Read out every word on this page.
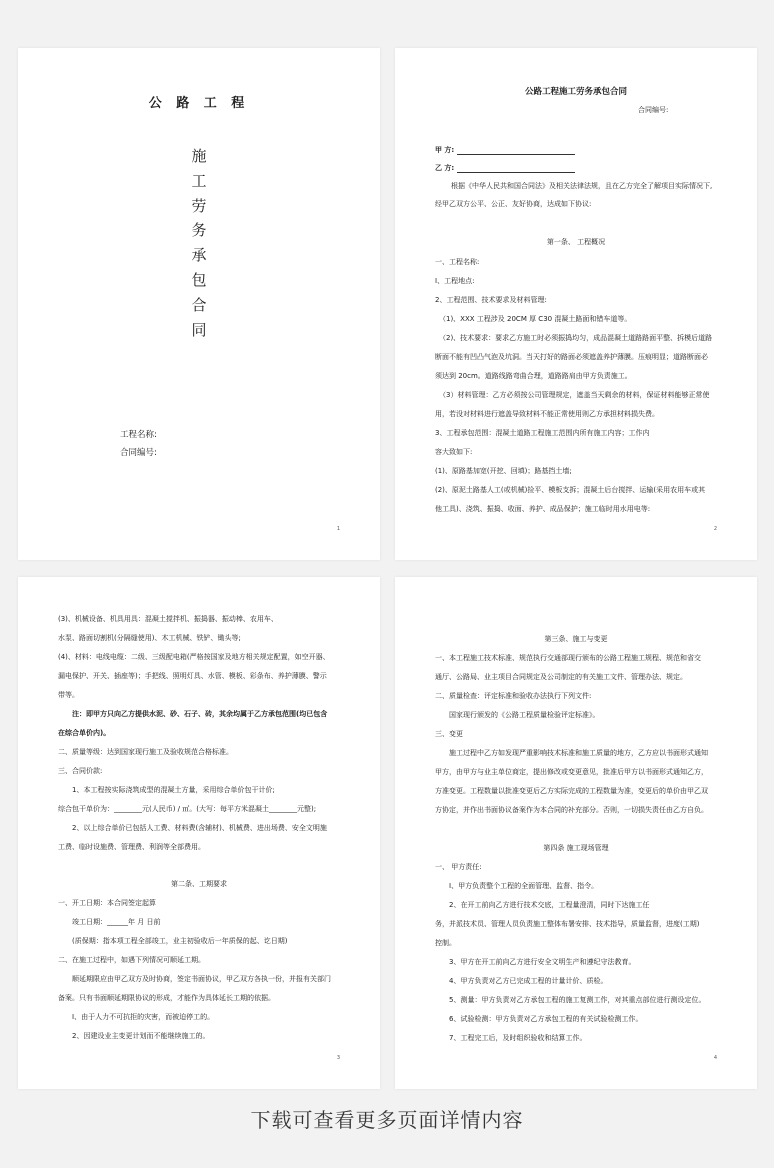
公 路 工 程
施
工
劳
务
承
包
合
同
工程名称:
合同编号:
1
公路工程施工劳务承包合同
合同编号:
甲 方:
乙 方:
根据《中华人民共和国合同法》及相关法律法规，且在乙方完全了解项目实际情况下,
经甲乙双方公平、公正、友好协商，达成如下协议:
第一条、 工程概况
一、工程名称:
I、工程地点:
2、工程范围、技术要求及材料管理:
（1)、XXX 工程涉及 20CM 厚 C30 混凝土路面和错车道等。
（2)、技术要求：要求乙方施工时必须振捣均匀，成品混凝土道路路面平整、拆模后道路
断面不能有凹凸气泡及坑洞。当天打好的路面必须遮盖养护薄膜。压痕明显；道路断面必
须达到 20cm。道路线路弯曲合理，道路路肩由甲方负责施工。
（3）材料管理：乙方必须按公司管理规定，遮盖当天剩余的材料，保证材料能够正常使
用，若没对材料进行遮盖导致材料不能正常使用则乙方承担材料损失费。
3、工程承包范围：混凝土道路工程施工范围内所有施工内容；工作内
容大致如下:
(1)、原路基加宽(开挖、回填)；路基挡土墙;
(2)、原泥土路基人工(或机械)捡平、模板支拆；混凝土后台搅拌、运输(采用农用车或其
他工具)、浇筑、振捣、收面、养护、成品保护；施工临时用水用电等:
2
(3)、机械设备、机具用具：混凝土搅拌机、振捣器、振动棒、农用车、
水泵、路面切割机(分隔缝使用)、木工机械、铁铲、锄头等;
(4)、材料：电线电缆：二级、三级配电箱(严格按国家及地方相关规定配置，如空开器、
漏电保护、开关、插座等)；手把线、照明灯具、水管、模板、彩条布、养护薄膜、警示
带等。
注：即甲方只向乙方提供水泥、砂、石子、砖，其余均属于乙方承包范围(均已包含
在综合单价内)。
二、质量等级：达到国家现行施工及验收规范合格标准。
三、合同价款:
1、本工程按实际浇筑成型的混凝土方量，采用综合单价包干计价;
综合包干单价为：________元(人民币) / ㎡。(大写：每平方米混凝土________元整);
2、以上综合单价已包括人工费、材料费(含辅材)、机械费、进出场费、安全文明施
工费、临时设施费、管理费、利润等全部费用。
第二条、工期要求
一、开工日期：本合同签定起算
竣工日期：______年 月 日前
(质保期：指本项工程全部竣工，业主初验收后一年质保的起、讫日期)
二、在施工过程中，如遇下列情况可顺延工期。
顺延期限应由甲乙双方及时协商，签定书面协议，甲乙双方各执一份，并报有关部门
备案。只有书面顺延期限协议的形成，才能作为具体延长工期的依据。
I、由于人力不可抗拒的灾害，而被迫停工的。
2、因建设业主变更计划而不能继续施工的。
3
第三条、施工与变更
一、本工程施工技术标准、规范执行交通部现行颁布的公路工程施工规程、规范和省交
通厅、公路局、业主项目合同规定及公司制定的有关施工文件、管理办法、规定。
二、质量检查：评定标准和验收办法执行下列文件:
国家现行颁发的《公路工程质量检验评定标准》。
三、变更
施工过程中乙方如发现严重影响技术标准和施工质量的地方，乙方应以书面形式通知
甲方，由甲方与业主单位商定，提出修改或变更意见，批准后甲方以书面形式通知乙方，
方准变更。工程数量以批准变更后乙方实际完成的工程数量为准，变更后的单价由甲乙双
方协定，并作出书面协议备案作为本合同的补充部分。否则，一切损失责任由乙方自负。
第四条 施工现场管理
一、 甲方责任:
I、甲方负责整个工程的全面管理、监督、指令。
2、在开工前向乙方进行技术交底，工程量澄清，同时下达施工任
务，并派技术员、管理人员负责施工整体布署安排、技术指导，质量监督，进度(工期)
控制。
3、甲方在开工前向乙方进行安全文明生产和遵纪守法教育。
4、甲方负责对乙方已完成工程的计量计价、质检。
5、测量：甲方负责对乙方承包工程的施工复测工作，对其重点部位进行测设定位。
6、试验检测：甲方负责对乙方承包工程的有关试验检测工作。
7、工程完工后，及时组织验收和结算工作。
4
下载可查看更多页面详情内容
